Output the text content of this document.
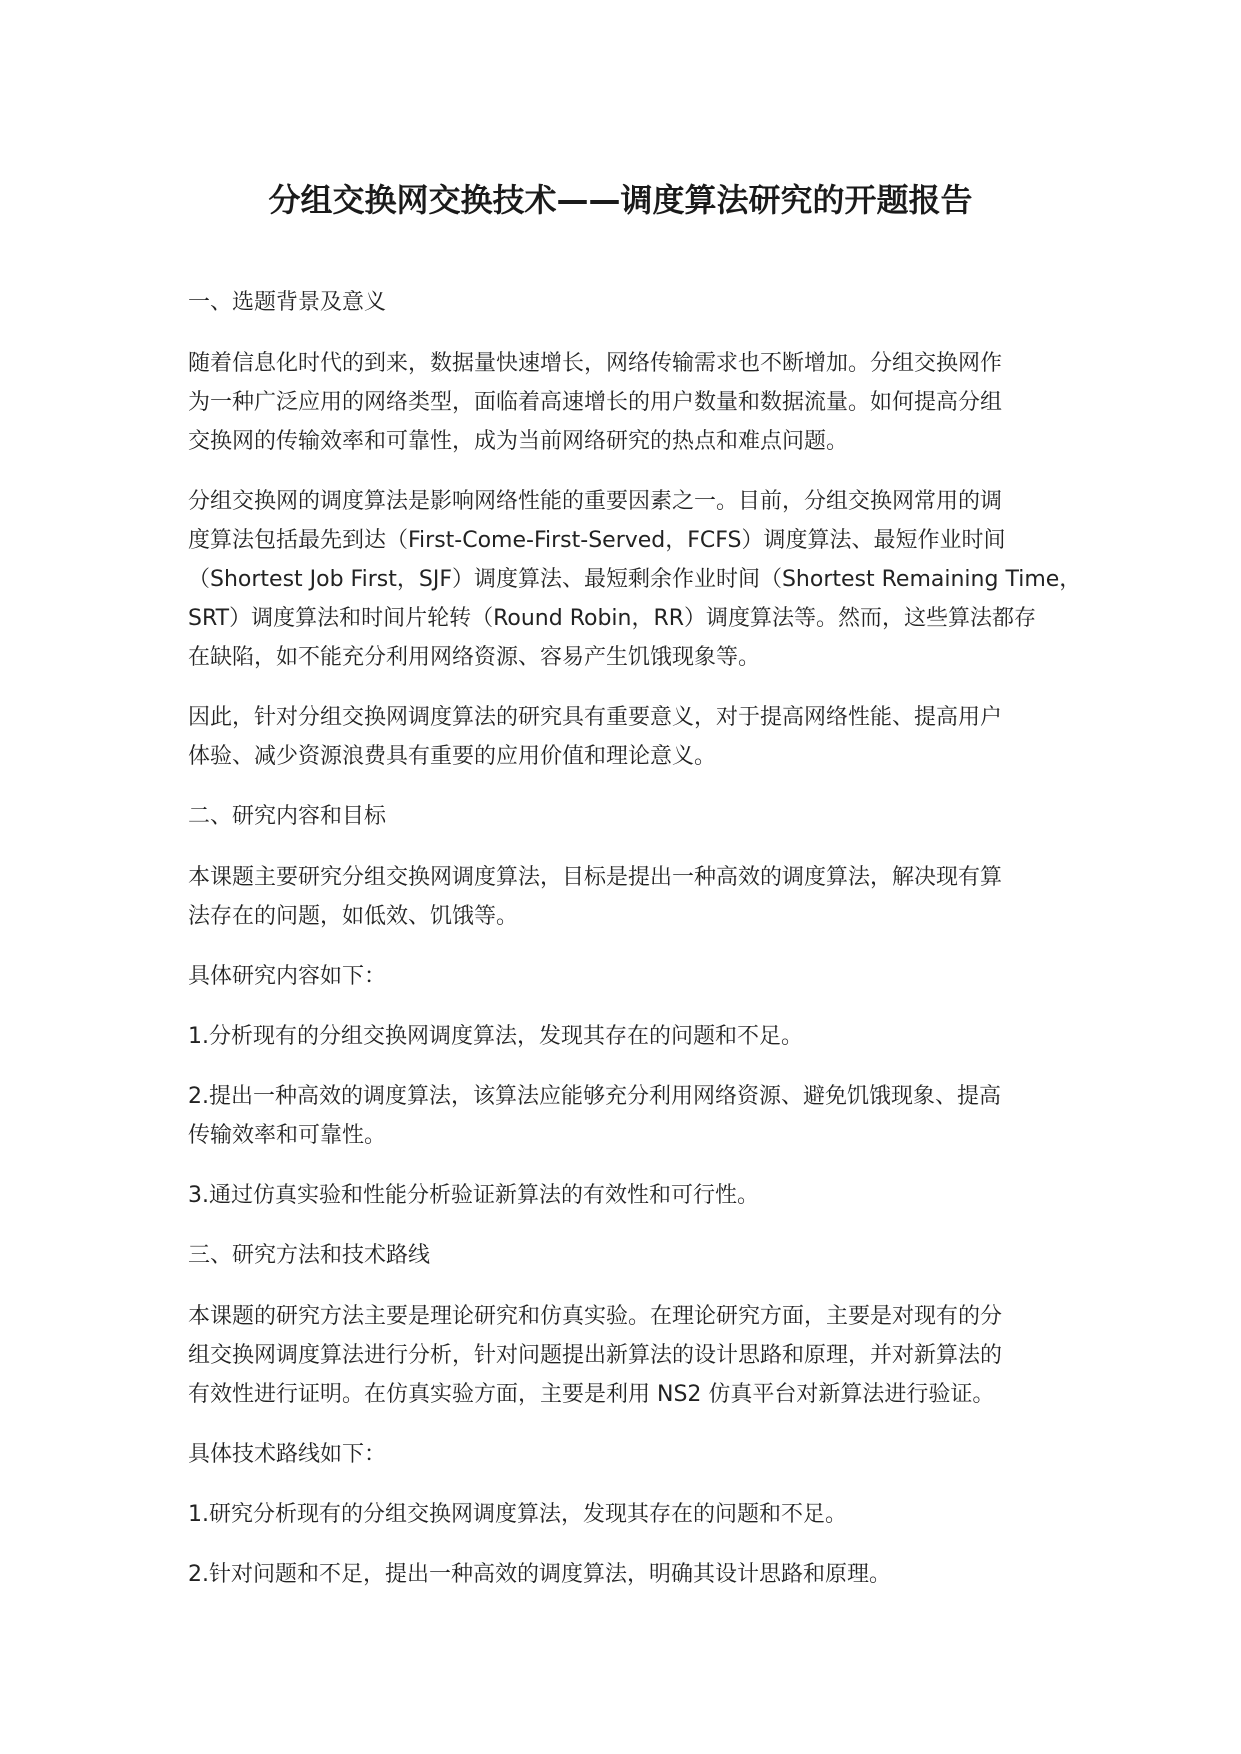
分组交换网交换技术——调度算法研究的开题报告
一、选题背景及意义
随着信息化时代的到来，数据量快速增长，网络传输需求也不断增加。分组交换网作
为一种广泛应用的网络类型，面临着高速增长的用户数量和数据流量。如何提高分组
交换网的传输效率和可靠性，成为当前网络研究的热点和难点问题。
分组交换网的调度算法是影响网络性能的重要因素之一。目前，分组交换网常用的调
度算法包括最先到达（First-Come-First-Served，FCFS）调度算法、最短作业时间
（Shortest Job First，SJF）调度算法、最短剩余作业时间（Shortest Remaining Time，
SRT）调度算法和时间片轮转（Round Robin，RR）调度算法等。然而，这些算法都存
在缺陷，如不能充分利用网络资源、容易产生饥饿现象等。
因此，针对分组交换网调度算法的研究具有重要意义，对于提高网络性能、提高用户
体验、减少资源浪费具有重要的应用价值和理论意义。
二、研究内容和目标
本课题主要研究分组交换网调度算法，目标是提出一种高效的调度算法，解决现有算
法存在的问题，如低效、饥饿等。
具体研究内容如下：
1.分析现有的分组交换网调度算法，发现其存在的问题和不足。
2.提出一种高效的调度算法，该算法应能够充分利用网络资源、避免饥饿现象、提高
传输效率和可靠性。
3.通过仿真实验和性能分析验证新算法的有效性和可行性。
三、研究方法和技术路线
本课题的研究方法主要是理论研究和仿真实验。在理论研究方面，主要是对现有的分
组交换网调度算法进行分析，针对问题提出新算法的设计思路和原理，并对新算法的
有效性进行证明。在仿真实验方面，主要是利用 NS2 仿真平台对新算法进行验证。
具体技术路线如下：
1.研究分析现有的分组交换网调度算法，发现其存在的问题和不足。
2.针对问题和不足，提出一种高效的调度算法，明确其设计思路和原理。
